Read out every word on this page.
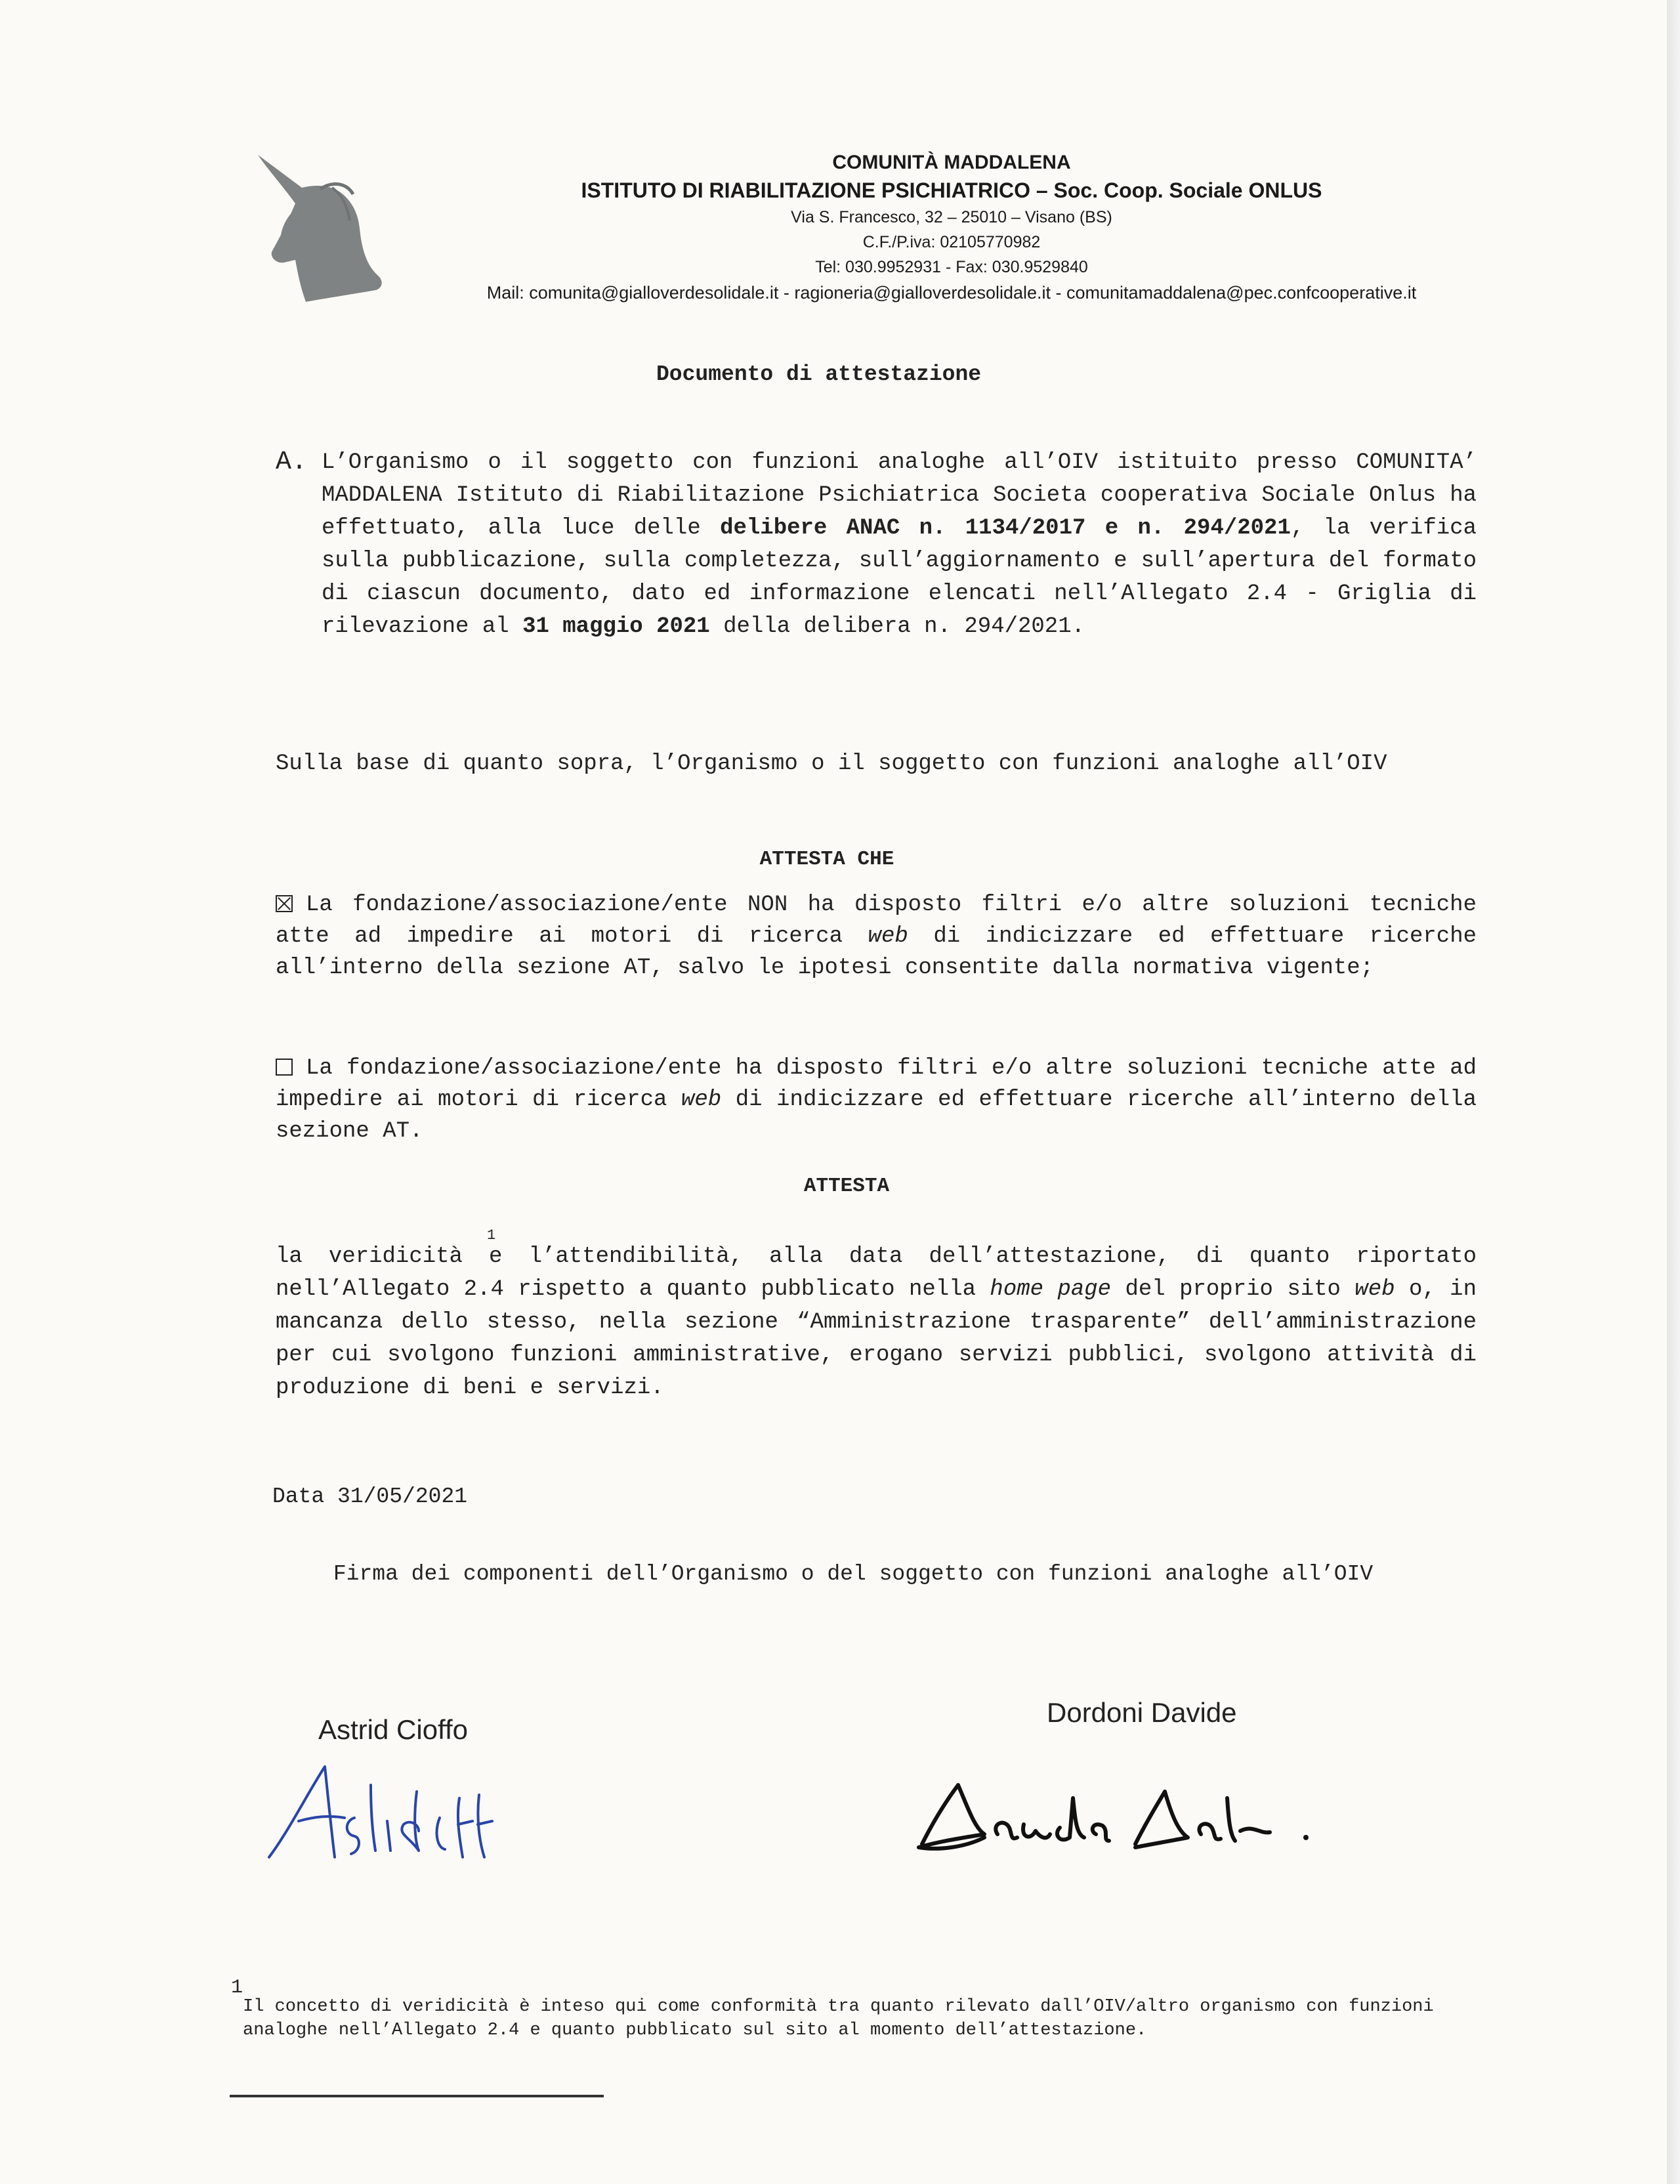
COMUNITÀ MADDALENA
ISTITUTO DI RIABILITAZIONE PSICHIATRICO – Soc. Coop. Sociale ONLUS
Via S. Francesco, 32 – 25010 – Visano (BS)
C.F./P.iva: 02105770982
Tel: 030.9952931 - Fax: 030.9529840
Mail: comunita@gialloverdesolidale.it - ragioneria@gialloverdesolidale.it - comunitamaddalena@pec.confcooperative.it
Documento di attestazione
A. L’Organismo o il soggetto con funzioni analoghe all’OIV istituito presso COMUNITA’ MADDALENA Istituto di Riabilitazione Psichiatrica Societa cooperativa Sociale Onlus ha effettuato, alla luce delle delibere ANAC n. 1134/2017 e n. 294/2021, la verifica sulla pubblicazione, sulla completezza, sull’aggiornamento e sull’apertura del formato di ciascun documento, dato ed informazione elencati nell’Allegato 2.4 - Griglia di rilevazione al 31 maggio 2021 della delibera n. 294/2021.
Sulla base di quanto sopra, l’Organismo o il soggetto con funzioni analoghe all’OIV
ATTESTA CHE
La fondazione/associazione/ente NON ha disposto filtri e/o altre soluzioni tecniche atte ad impedire ai motori di ricerca web di indicizzare ed effettuare ricerche all’interno della sezione AT, salvo le ipotesi consentite dalla normativa vigente;
La fondazione/associazione/ente ha disposto filtri e/o altre soluzioni tecniche atte ad impedire ai motori di ricerca web di indicizzare ed effettuare ricerche all’interno della sezione AT.
ATTESTA
1
la veridicità e l’attendibilità, alla data dell’attestazione, di quanto riportato nell’Allegato 2.4 rispetto a quanto pubblicato nella home page del proprio sito web o, in mancanza dello stesso, nella sezione “Amministrazione trasparente” dell’amministrazione per cui svolgono funzioni amministrative, erogano servizi pubblici, svolgono attività di produzione di beni e servizi.
Data 31/05/2021
Firma dei componenti dell’Organismo o del soggetto con funzioni analoghe all’OIV
Astrid Cioffo
Dordoni Davide
1
Il concetto di veridicità è inteso qui come conformità tra quanto rilevato dall’OIV/altro organismo con funzioni analoghe nell’Allegato 2.4 e quanto pubblicato sul sito al momento dell’attestazione.
